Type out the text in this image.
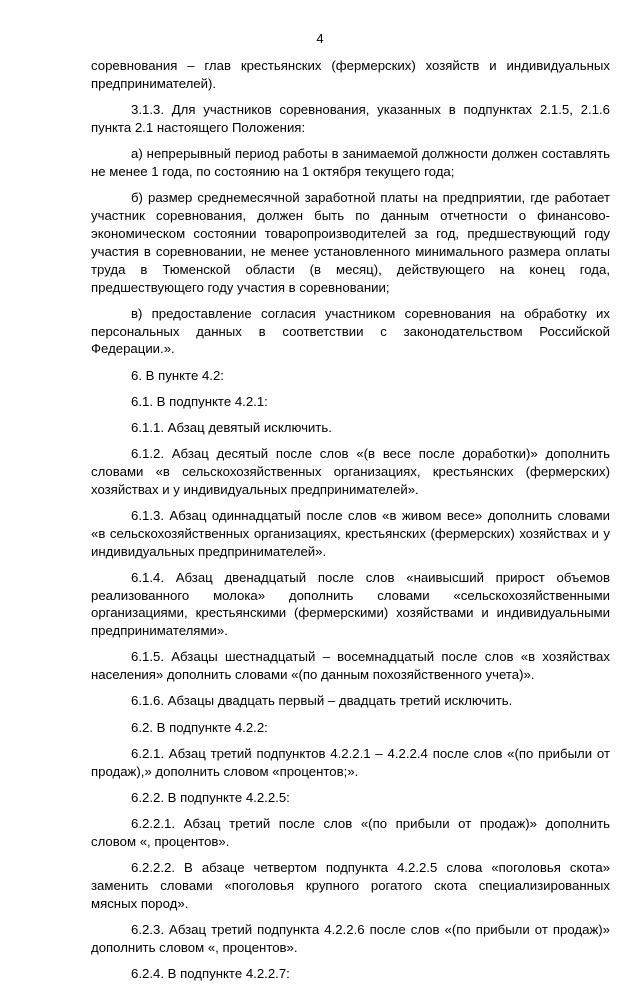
4

соревнования – глав крестьянских (фермерских) хозяйств и индивидуальных предпринимателей).

3.1.3. Для участников соревнования, указанных в подпунктах 2.1.5, 2.1.6 пункта 2.1 настоящего Положения:

а) непрерывный период работы в занимаемой должности должен составлять не менее 1 года, по состоянию на 1 октября текущего года;

б) размер среднемесячной заработной платы на предприятии, где работает участник соревнования, должен быть по данным отчетности о финансово-экономическом состоянии товаропроизводителей за год, предшествующий году участия в соревновании, не менее установленного минимального размера оплаты труда в Тюменской области (в месяц), действующего на конец года, предшествующего году участия в соревновании;

в) предоставление согласия участником соревнования на обработку их персональных данных в соответствии с законодательством Российской Федерации.».

6. В пункте 4.2:

6.1. В подпункте 4.2.1:

6.1.1. Абзац девятый исключить.

6.1.2. Абзац десятый после слов «(в весе после доработки)» дополнить словами «в сельскохозяйственных организациях, крестьянских (фермерских) хозяйствах и у индивидуальных предпринимателей».

6.1.3. Абзац одиннадцатый после слов «в живом весе» дополнить словами «в сельскохозяйственных организациях, крестьянских (фермерских) хозяйствах и у индивидуальных предпринимателей».

6.1.4. Абзац двенадцатый после слов «наивысший прирост объемов реализованного молока» дополнить словами «сельскохозяйственными организациями, крестьянскими (фермерскими) хозяйствами и индивидуальными предпринимателями».

6.1.5. Абзацы шестнадцатый – восемнадцатый после слов «в хозяйствах населения» дополнить словами «(по данным похозяйственного учета)».

6.1.6. Абзацы двадцать первый – двадцать третий исключить.

6.2. В подпункте 4.2.2:

6.2.1. Абзац третий подпунктов 4.2.2.1 – 4.2.2.4 после слов «(по прибыли от продаж),» дополнить словом «процентов;».

6.2.2. В подпункте 4.2.2.5:

6.2.2.1. Абзац третий после слов «(по прибыли от продаж)» дополнить словом «, процентов».

6.2.2.2. В абзаце четвертом подпункта 4.2.2.5 слова «поголовья скота» заменить словами «поголовья крупного рогатого скота специализированных мясных пород».

6.2.3. Абзац третий подпункта 4.2.2.6 после слов «(по прибыли от продаж)» дополнить словом «, процентов».

6.2.4. В подпункте 4.2.2.7:
